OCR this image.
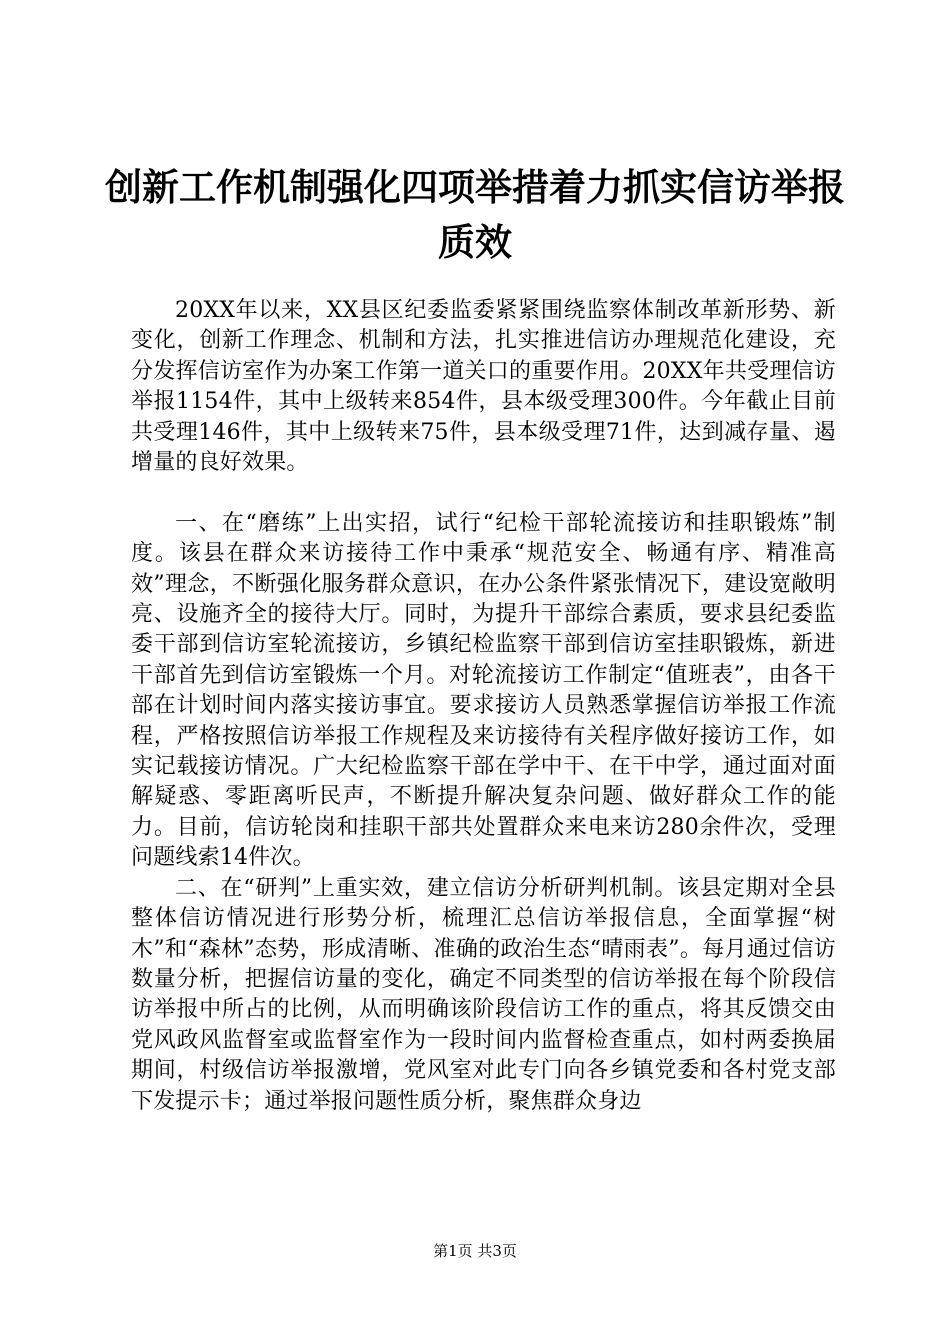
创新工作机制强化四项举措着力抓实信访举报
质效

20XX年以来，XX县区纪委监委紧紧围绕监察体制改革新形势、新变化，创新工作理念、机制和方法，扎实推进信访办理规范化建设，充分发挥信访室作为办案工作第一道关口的重要作用。20XX年共受理信访举报1154件，其中上级转来854件，县本级受理300件。今年截止目前共受理146件，其中上级转来75件，县本级受理71件，达到减存量、遏增量的良好效果。

一、在“磨练”上出实招，试行“纪检干部轮流接访和挂职锻炼”制度。该县在群众来访接待工作中秉承“规范安全、畅通有序、精准高效”理念，不断强化服务群众意识，在办公条件紧张情况下，建设宽敞明亮、设施齐全的接待大厅。同时，为提升干部综合素质，要求县纪委监委干部到信访室轮流接访，乡镇纪检监察干部到信访室挂职锻炼，新进干部首先到信访室锻炼一个月。对轮流接访工作制定“值班表”，由各干部在计划时间内落实接访事宜。要求接访人员熟悉掌握信访举报工作流程，严格按照信访举报工作规程及来访接待有关程序做好接访工作，如实记载接访情况。广大纪检监察干部在学中干、在干中学，通过面对面解疑惑、零距离听民声，不断提升解决复杂问题、做好群众工作的能力。目前，信访轮岗和挂职干部共处置群众来电来访280余件次，受理问题线索14件次。

二、在“研判”上重实效，建立信访分析研判机制。该县定期对全县整体信访情况进行形势分析，梳理汇总信访举报信息，全面掌握“树木”和“森林”态势，形成清晰、准确的政治生态“晴雨表”。每月通过信访数量分析，把握信访量的变化，确定不同类型的信访举报在每个阶段信访举报中所占的比例，从而明确该阶段信访工作的重点，将其反馈交由党风政风监督室或监督室作为一段时间内监督检查重点，如村两委换届期间，村级信访举报激增，党风室对此专门向各乡镇党委和各村党支部下发提示卡；通过举报问题性质分析，聚焦群众身边

第1页 共3页
